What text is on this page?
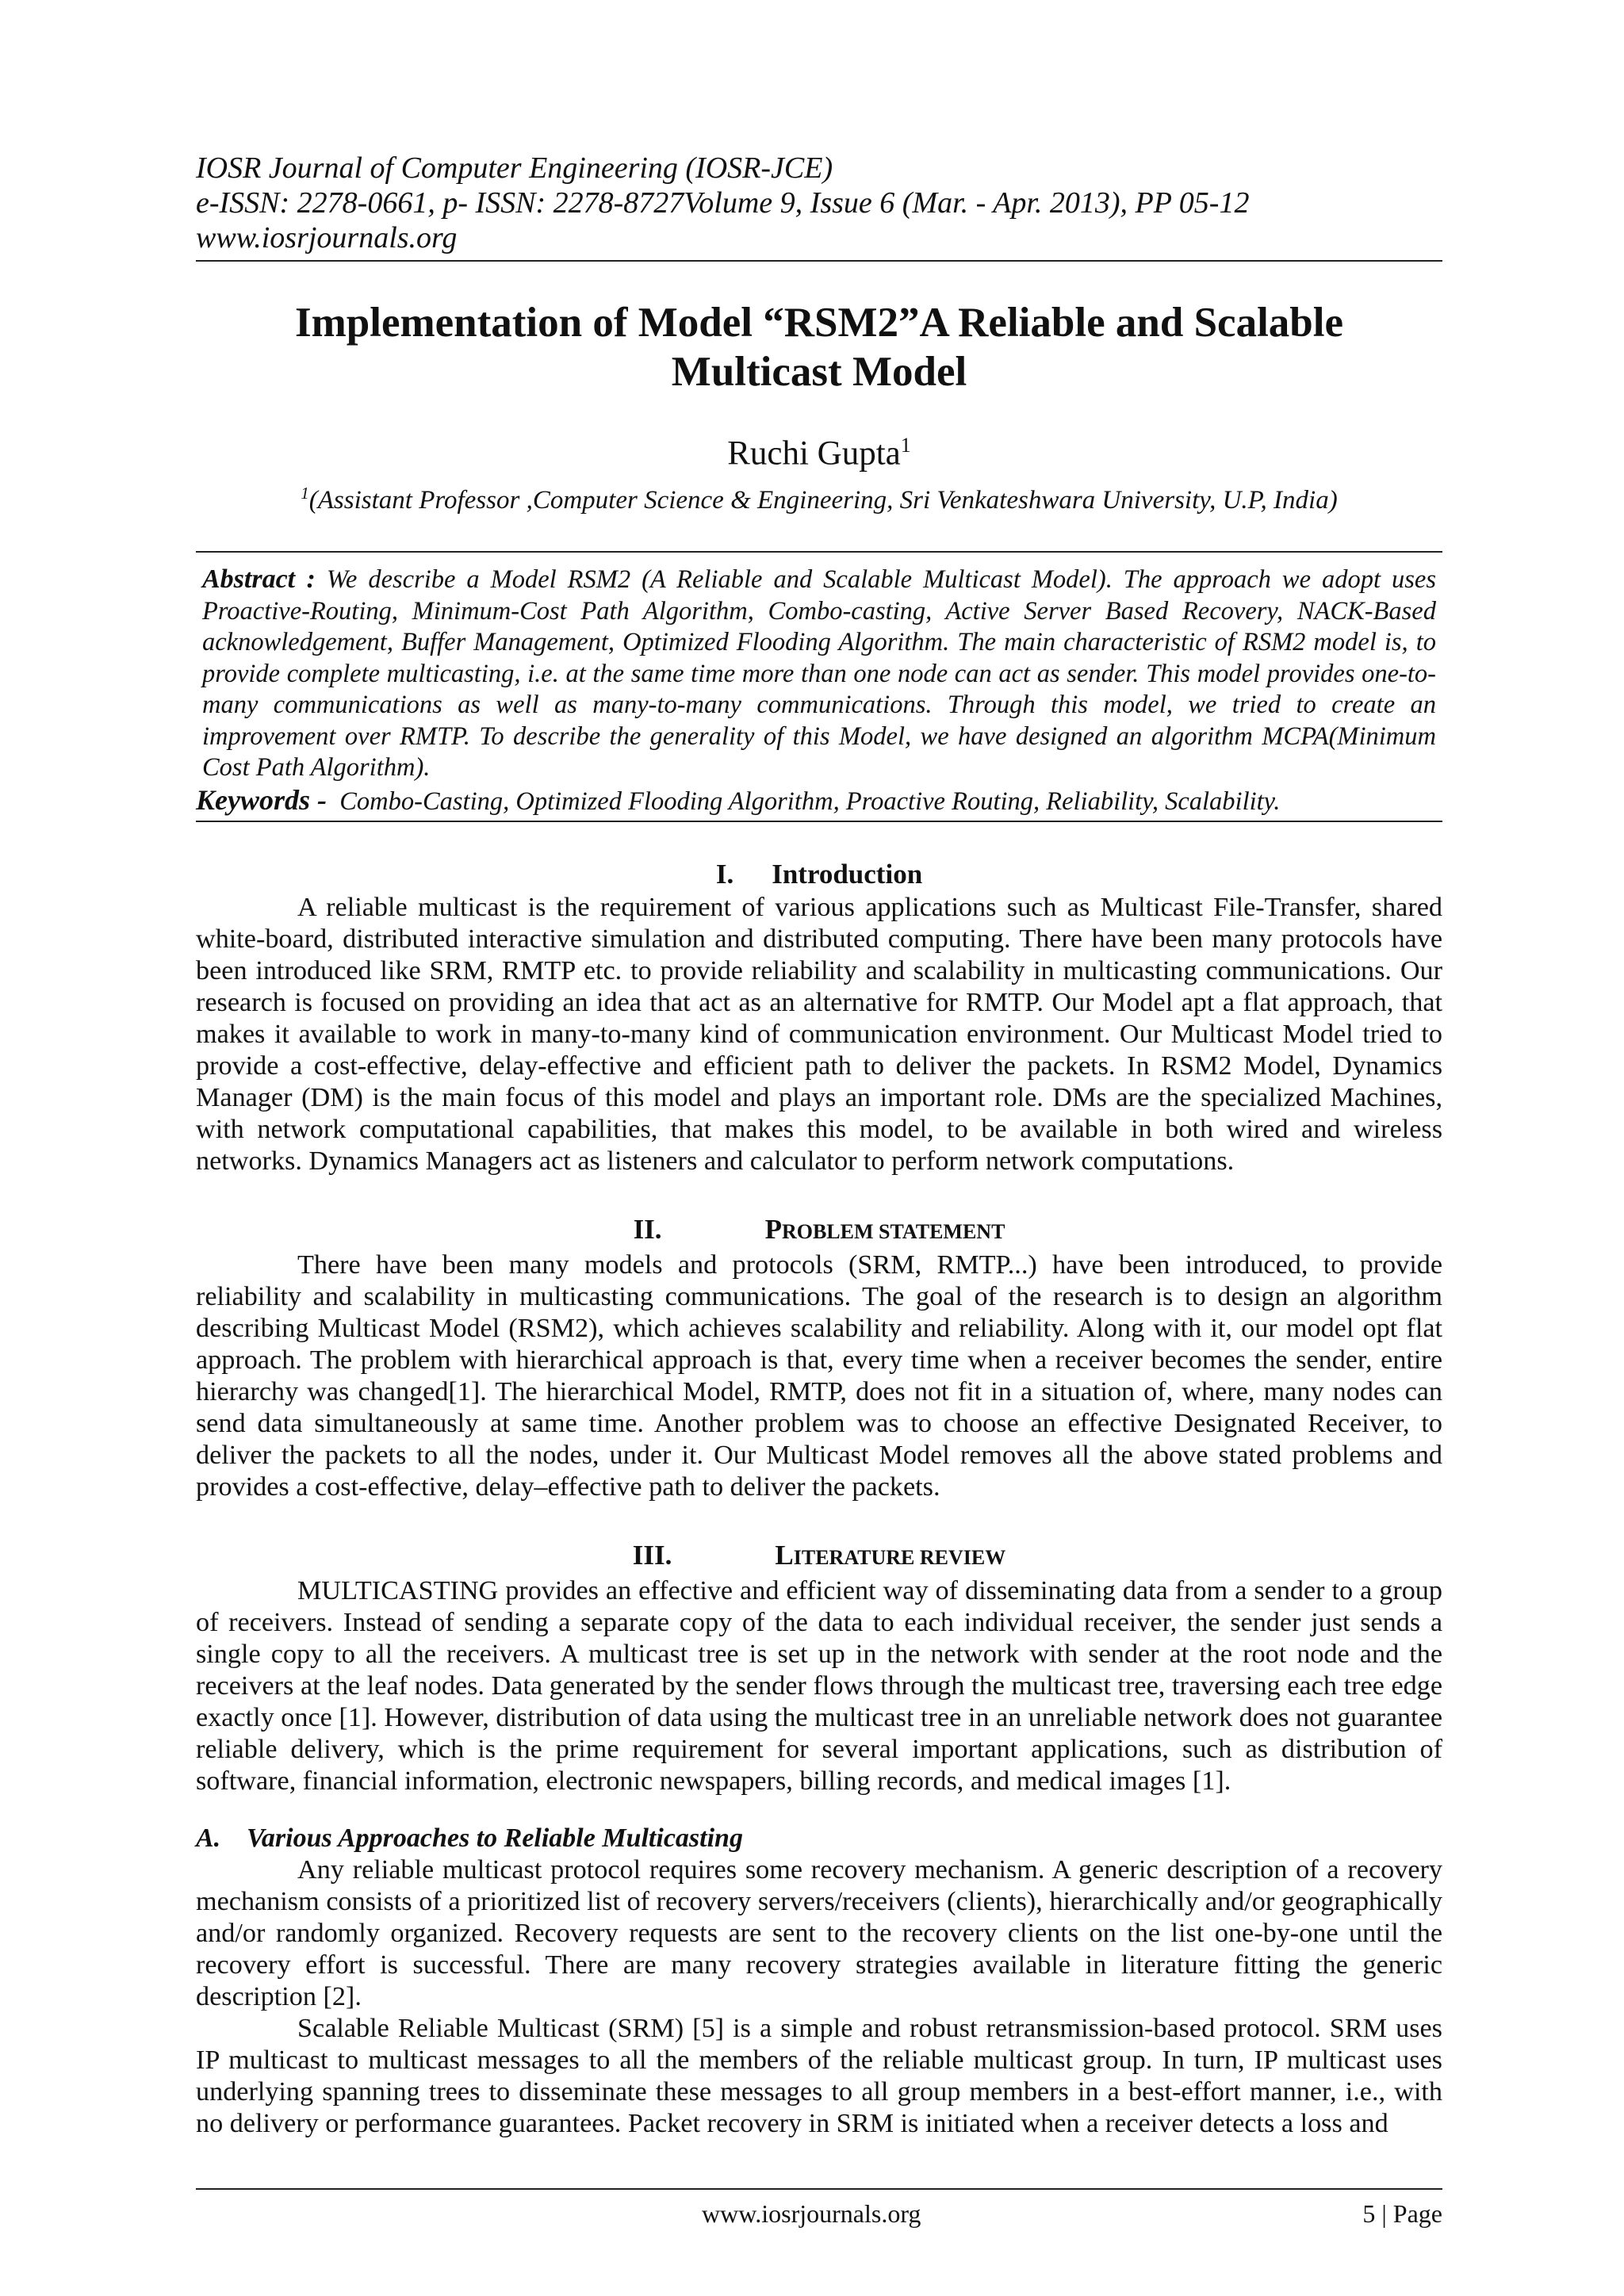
IOSR Journal of Computer Engineering (IOSR-JCE)
e-ISSN: 2278-0661, p- ISSN: 2278-8727Volume 9, Issue 6 (Mar. - Apr. 2013), PP 05-12
www.iosrjournals.org
Implementation of Model “RSM2”A Reliable and Scalable
Multicast Model
Ruchi Gupta$^1$
$^1$(Assistant Professor ,Computer Science & Engineering, Sri Venkateshwara University, U.P, India)
Abstract : We describe a Model RSM2 (A Reliable and Scalable Multicast Model). The approach we adopt uses Proactive-Routing, Minimum-Cost Path Algorithm, Combo-casting, Active Server Based Recovery, NACK-Based acknowledgement, Buffer Management, Optimized Flooding Algorithm. The main characteristic of RSM2 model is, to provide complete multicasting, i.e. at the same time more than one node can act as sender. This model provides one-to-many communications as well as many-to-many communications. Through this model, we tried to create an improvement over RMTP. To describe the generality of this Model, we have designed an algorithm MCPA(Minimum Cost Path Algorithm).
Keywords - Combo-Casting, Optimized Flooding Algorithm, Proactive Routing, Reliability, Scalability.
I. Introduction
A reliable multicast is the requirement of various applications such as Multicast File-Transfer, shared white-board, distributed interactive simulation and distributed computing. There have been many protocols have been introduced like SRM, RMTP etc. to provide reliability and scalability in multicasting communications. Our research is focused on providing an idea that act as an alternative for RMTP. Our Model apt a flat approach, that makes it available to work in many-to-many kind of communication environment. Our Multicast Model tried to provide a cost-effective, delay-effective and efficient path to deliver the packets. In RSM2 Model, Dynamics Manager (DM) is the main focus of this model and plays an important role. DMs are the specialized Machines, with network computational capabilities, that makes this model, to be available in both wired and wireless networks. Dynamics Managers act as listeners and calculator to perform network computations.
II.	PROBLEM STATEMENT
There have been many models and protocols (SRM, RMTP...) have been introduced, to provide reliability and scalability in multicasting communications. The goal of the research is to design an algorithm describing Multicast Model (RSM2), which achieves scalability and reliability. Along with it, our model opt flat approach. The problem with hierarchical approach is that, every time when a receiver becomes the sender, entire hierarchy was changed[1]. The hierarchical Model, RMTP, does not fit in a situation of, where, many nodes can send data simultaneously at same time. Another problem was to choose an effective Designated Receiver, to deliver the packets to all the nodes, under it. Our Multicast Model removes all the above stated problems and provides a cost-effective, delay–effective path to deliver the packets.
III.	LITERATURE REVIEW
MULTICASTING provides an effective and efficient way of disseminating data from a sender to a group of receivers. Instead of sending a separate copy of the data to each individual receiver, the sender just sends a single copy to all the receivers. A multicast tree is set up in the network with sender at the root node and the receivers at the leaf nodes. Data generated by the sender flows through the multicast tree, traversing each tree edge exactly once [1]. However, distribution of data using the multicast tree in an unreliable network does not guarantee reliable delivery, which is the prime requirement for several important applications, such as distribution of software, financial information, electronic newspapers, billing records, and medical images [1].
A. Various Approaches to Reliable Multicasting
Any reliable multicast protocol requires some recovery mechanism. A generic description of a recovery mechanism consists of a prioritized list of recovery servers/receivers (clients), hierarchically and/or geographically and/or randomly organized. Recovery requests are sent to the recovery clients on the list one-by-one until the recovery effort is successful. There are many recovery strategies available in literature fitting the generic description [2].
Scalable Reliable Multicast (SRM) [5] is a simple and robust retransmission-based protocol. SRM uses IP multicast to multicast messages to all the members of the reliable multicast group. In turn, IP multicast uses underlying spanning trees to disseminate these messages to all group members in a best-effort manner, i.e., with no delivery or performance guarantees. Packet recovery in SRM is initiated when a receiver detects a loss and
www.iosrjournals.org	5 | Page
